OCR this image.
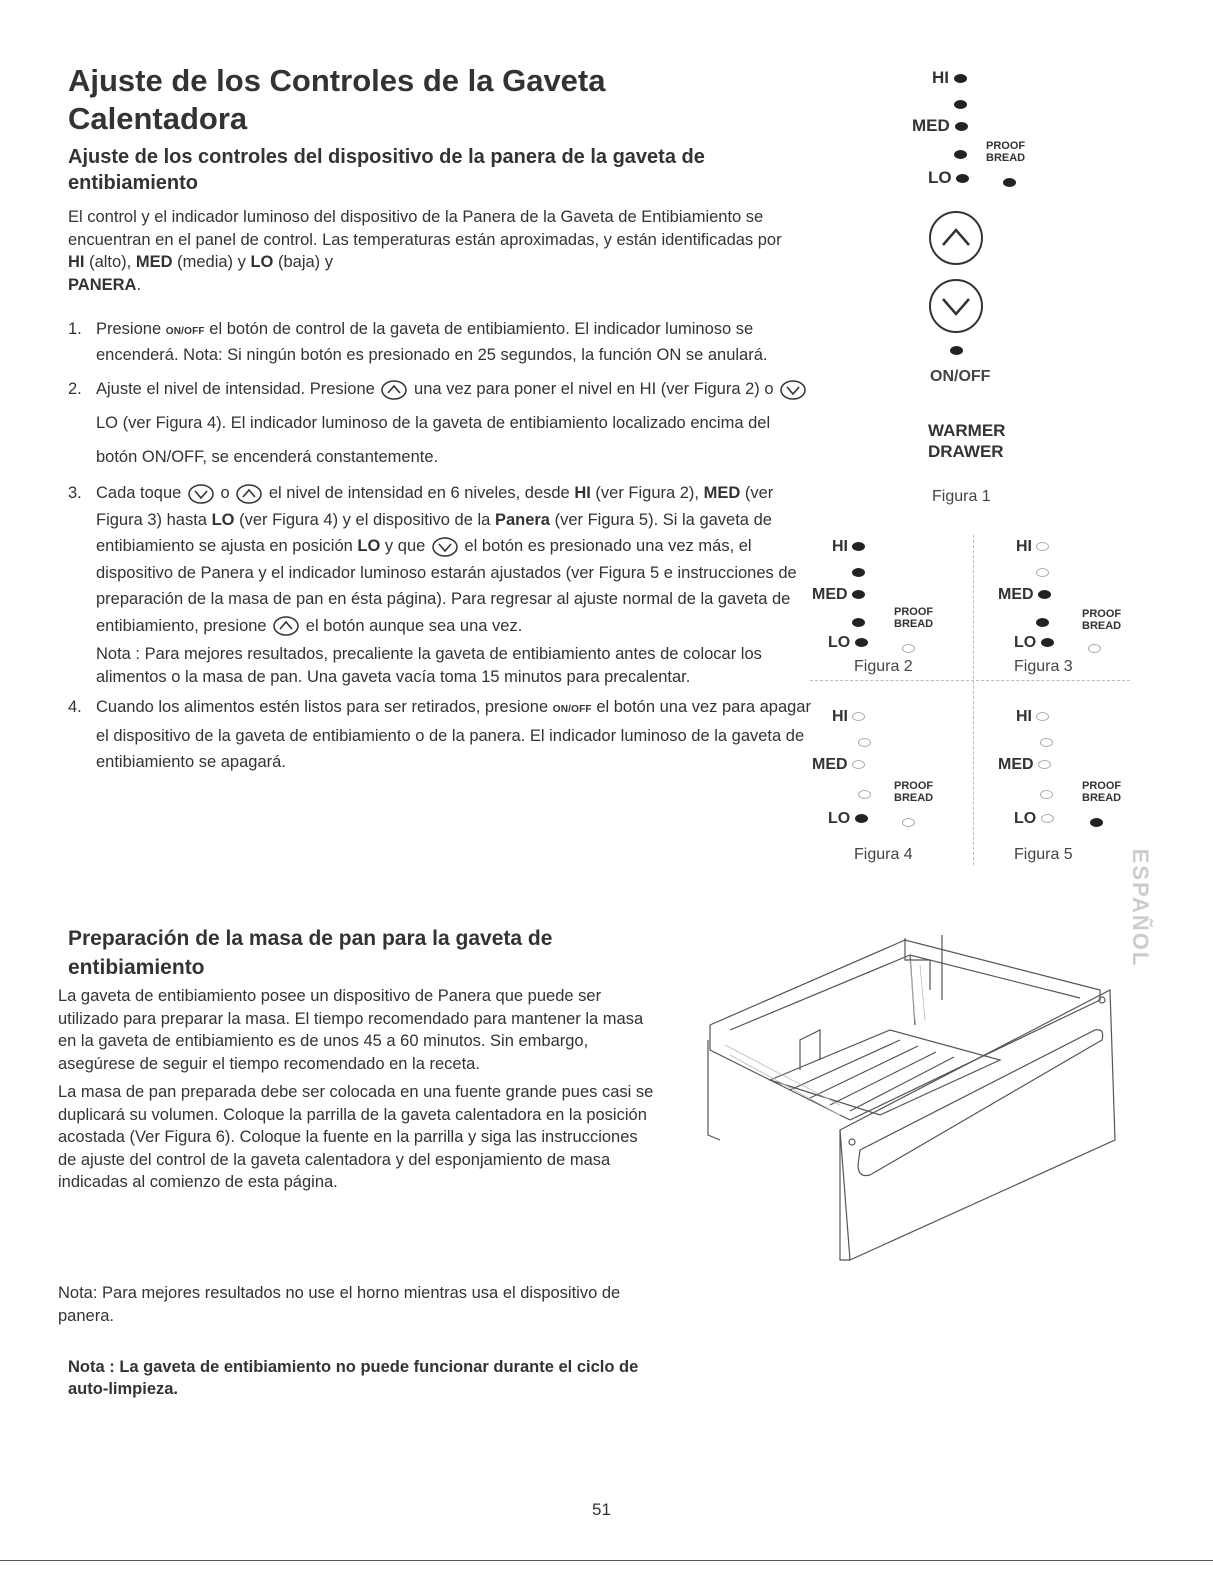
Ajuste de los Controles de la Gaveta Calentadora
Ajuste de los controles del dispositivo de la panera de la gaveta de entibiamiento

El control y el indicador luminoso del dispositivo de la Panera de la Gaveta de Entibiamiento se encuentran en el panel de control. Las temperaturas están aproximadas, y están identificadas por HI (alto), MED (media) y LO (baja) y
PANERA.

1. Presione ON/OFF el botón de control de la gaveta de entibiamiento. El indicador luminoso se encenderá. Nota: Si ningún botón es presionado en 25 segundos, la función ON se anulará.
2. Ajuste el nivel de intensidad. Presione  una vez para poner el nivel en HI (ver Figura 2) o  LO (ver Figura 4). El indicador luminoso de la gaveta de entibiamiento localizado encima del botón ON/OFF, se encenderá constantemente.
3. Cada toque  o  el nivel de intensidad en 6 niveles, desde HI (ver Figura 2), MED (ver Figura 3) hasta LO (ver Figura 4) y el dispositivo de la Panera (ver Figura 5). Si la gaveta de entibiamiento se ajusta en posición LO y que  el botón es presionado una vez más, el dispositivo de Panera y el indicador luminoso estarán ajustados (ver Figura 5 e instrucciones de preparación de la masa de pan en ésta página). Para regresar al ajuste normal de la gaveta de entibiamiento, presione  el botón aunque sea una vez.
Nota : Para mejores resultados, precaliente la gaveta de entibiamiento antes de colocar los alimentos o la masa de pan. Una gaveta vacía toma 15 minutos para precalentar.
4. Cuando los alimentos estén listos para ser retirados, presione ON/OFF el botón una vez para apagar el dispositivo de la gaveta de entibiamiento o de la panera. El indicador luminoso de la gaveta de entibiamiento se apagará.
Preparación de la masa de pan para la gaveta de entibiamiento

La gaveta de entibiamiento posee un dispositivo de Panera que puede ser utilizado para preparar la masa. El tiempo recomendado para mantener la masa en la gaveta de entibiamiento es de unos 45 a 60 minutos. Sin embargo, asegúrese de seguir el tiempo recomendado en la receta.

La masa de pan preparada debe ser colocada en una fuente grande pues casi se duplicará su volumen. Coloque la parrilla de la gaveta calentadora en la posición acostada (Ver Figura 6). Coloque la fuente en la parrilla y siga las instrucciones de ajuste del control de la gaveta calentadora y del esponjamiento de masa indicadas al comienzo de esta página.

Nota: Para mejores resultados no use el horno mientras usa el dispositivo de panera.

Nota : La gaveta de entibiamiento no puede funcionar durante el ciclo de auto-limpieza.
HI
MED
PROOF
BREAD
LO
ON/OFF
WARMER
DRAWER
Figura 1
HI
MED
PROOF
BREAD
LO
Figura 2
HI
MED
PROOF
BREAD
LO
Figura 3
HI
MED
PROOF
BREAD
LO
Figura 4
HI
MED
PROOF
BREAD
LO
Figura 5	ESPAÑOL
51
